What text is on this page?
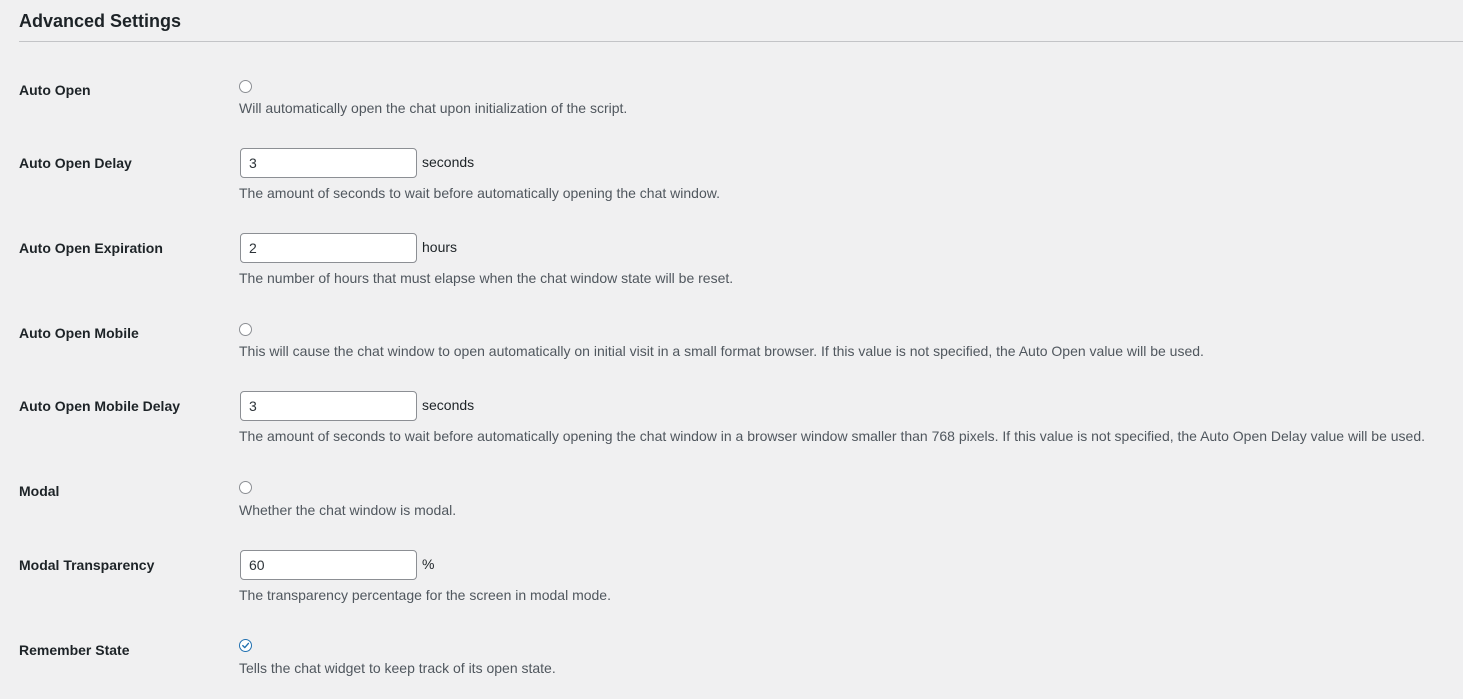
Advanced Settings
Auto Open
Will automatically open the chat upon initialization of the script.
Auto Open Delay	3	seconds
The amount of seconds to wait before automatically opening the chat window.
Auto Open Expiration	2	hours
The number of hours that must elapse when the chat window state will be reset.
Auto Open Mobile
This will cause the chat window to open automatically on initial visit in a small format browser. If this value is not specified, the Auto Open value will be used.
Auto Open Mobile Delay	3	seconds
The amount of seconds to wait before automatically opening the chat window in a browser window smaller than 768 pixels. If this value is not specified, the Auto Open Delay value will be used.
Modal
Whether the chat window is modal.
Modal Transparency	60	%
The transparency percentage for the screen in modal mode.
Remember State
Tells the chat widget to keep track of its open state.
